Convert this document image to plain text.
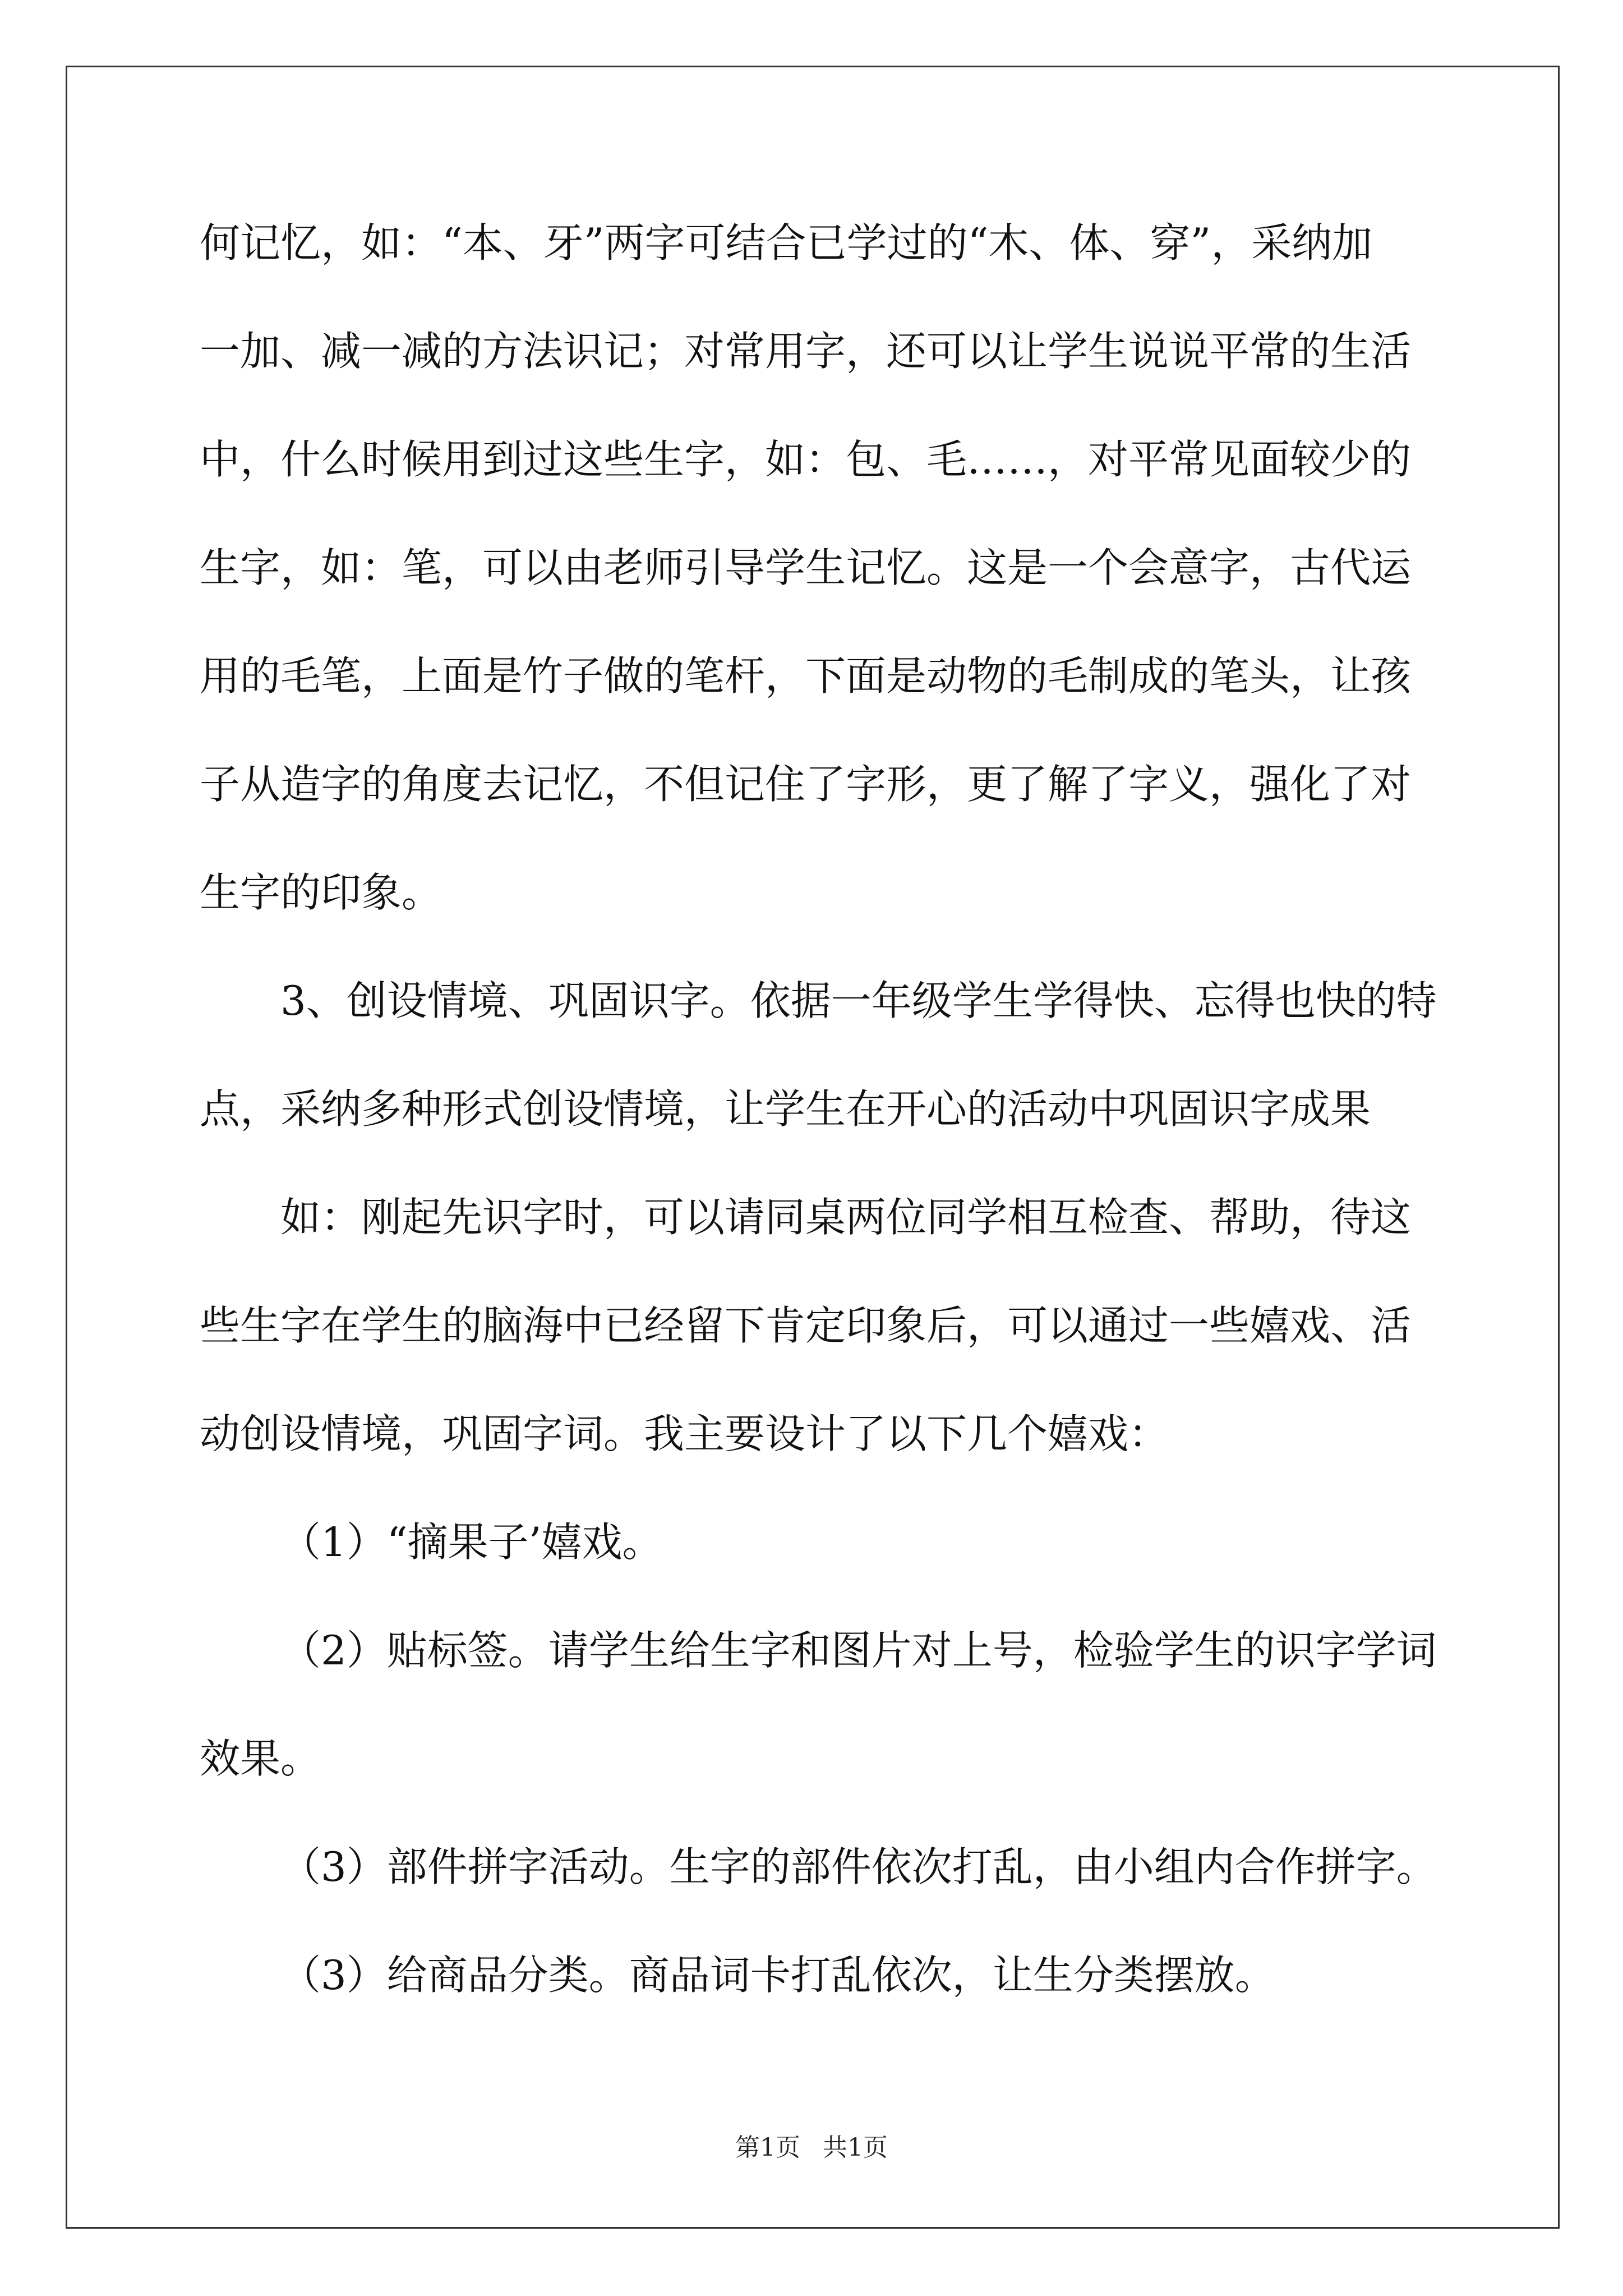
何记忆，如：“本、牙”两字可结合已学过的“木、体、穿”，采纳加
一加、减一减的方法识记；对常用字，还可以让学生说说平常的生活
中，什么时候用到过这些生字，如：包、毛……，对平常见面较少的
生字，如：笔，可以由老师引导学生记忆。这是一个会意字，古代运
用的毛笔，上面是竹子做的笔杆，下面是动物的毛制成的笔头，让孩
子从造字的角度去记忆，不但记住了字形，更了解了字义，强化了对
生字的印象。
3、创设情境、巩固识字。依据一年级学生学得快、忘得也快的特
点，采纳多种形式创设情境，让学生在开心的活动中巩固识字成果
如：刚起先识字时，可以请同桌两位同学相互检查、帮助，待这
些生字在学生的脑海中已经留下肯定印象后，可以通过一些嬉戏、活
动创设情境，巩固字词。我主要设计了以下几个嬉戏：
（1）“摘果子’嬉戏。
（2）贴标签。请学生给生字和图片对上号，检验学生的识字学词
效果。
（3）部件拼字活动。生字的部件依次打乱，由小组内合作拼字。
（3）给商品分类。商品词卡打乱依次，让生分类摆放。
第1页 共1页
